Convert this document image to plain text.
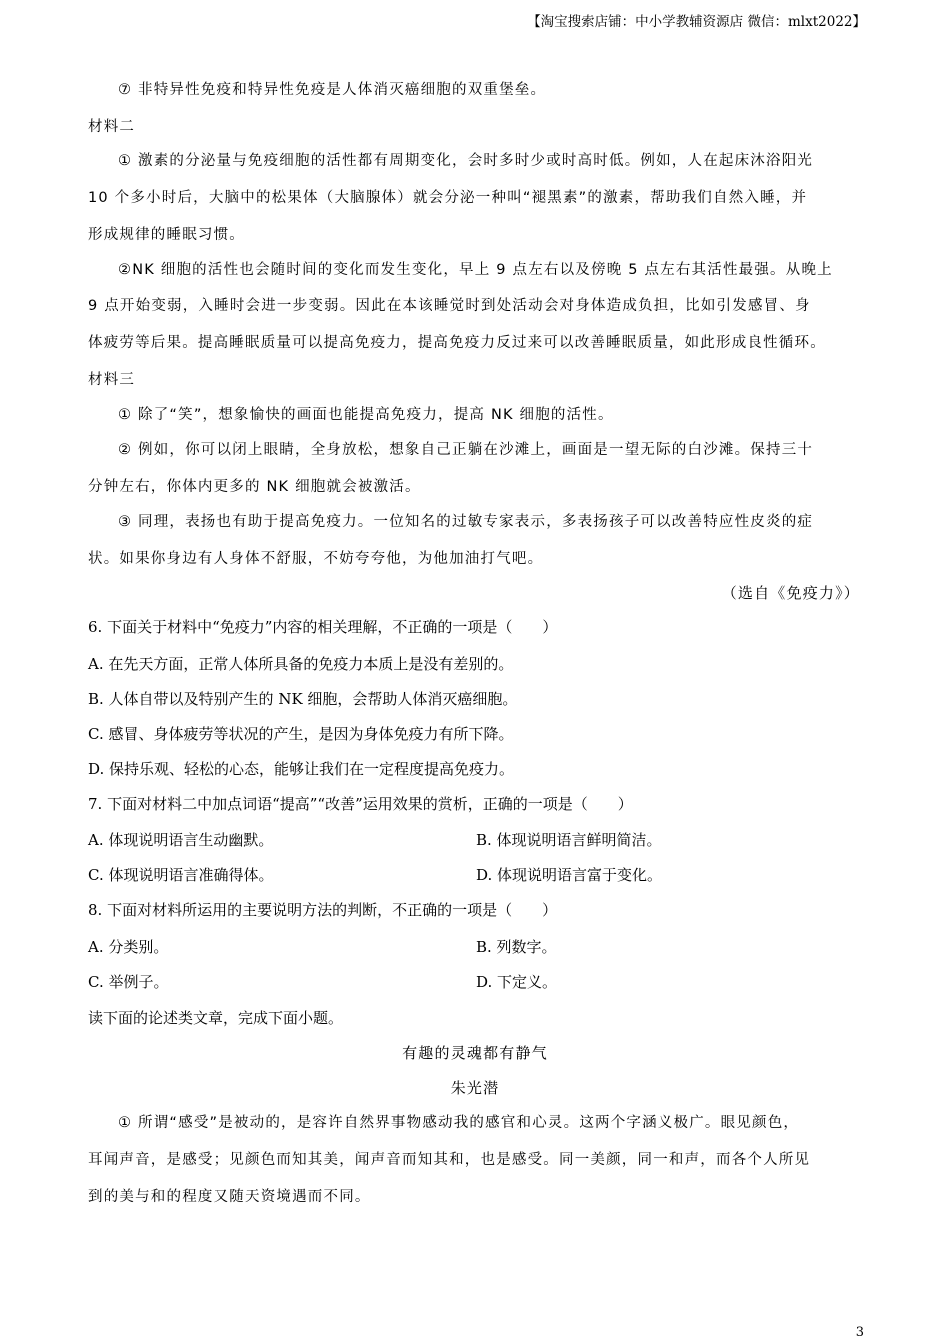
【淘宝搜索店铺：中小学教辅资源店 微信：mlxt2022】
⑦ 非特异性免疫和特异性免疫是人体消灭癌细胞的双重堡垒。
材料二
① 激素的分泌量与免疫细胞的活性都有周期变化，会时多时少或时高时低。例如，人在起床沐浴阳光
10 个多小时后，大脑中的松果体（大脑腺体）就会分泌一种叫“褪黑素”的激素，帮助我们自然入睡，并
形成规律的睡眠习惯。
②NK 细胞的活性也会随时间的变化而发生变化，早上 9 点左右以及傍晚 5 点左右其活性最强。从晚上
9 点开始变弱，入睡时会进一步变弱。因此在本该睡觉时到处活动会对身体造成负担，比如引发感冒、身
体疲劳等后果。提高睡眠质量可以提高免疫力，提高免疫力反过来可以改善睡眠质量，如此形成良性循环。
材料三
① 除了“笑”，想象愉快的画面也能提高免疫力，提高 NK 细胞的活性。
② 例如，你可以闭上眼睛，全身放松，想象自己正躺在沙滩上，画面是一望无际的白沙滩。保持三十
分钟左右，你体内更多的 NK 细胞就会被激活。
③ 同理，表扬也有助于提高免疫力。一位知名的过敏专家表示，多表扬孩子可以改善特应性皮炎的症
状。如果你身边有人身体不舒服，不妨夸夸他，为他加油打气吧。
（选自《免疫力》）
6. 下面关于材料中“免疫力”内容的相关理解，不正确的一项是（　　）
A. 在先天方面，正常人体所具备的免疫力本质上是没有差别的。
B. 人体自带以及特别产生的 NK 细胞，会帮助人体消灭癌细胞。
C. 感冒、身体疲劳等状况的产生，是因为身体免疫力有所下降。
D. 保持乐观、轻松的心态，能够让我们在一定程度提高免疫力。
7. 下面对材料二中加点词语“提高”“改善”运用效果的赏析，正确的一项是（　　）
A. 体现说明语言生动幽默。	B. 体现说明语言鲜明简洁。
C. 体现说明语言准确得体。	D. 体现说明语言富于变化。
8. 下面对材料所运用的主要说明方法的判断，不正确的一项是（　　）
A. 分类别。	B. 列数字。
C. 举例子。	D. 下定义。
读下面的论述类文章，完成下面小题。
有趣的灵魂都有静气
朱光潜
① 所谓“感受”是被动的，是容许自然界事物感动我的感官和心灵。这两个字涵义极广。眼见颜色，
耳闻声音，是感受；见颜色而知其美，闻声音而知其和，也是感受。同一美颜，同一和声，而各个人所见
到的美与和的程度又随天资境遇而不同。
3
